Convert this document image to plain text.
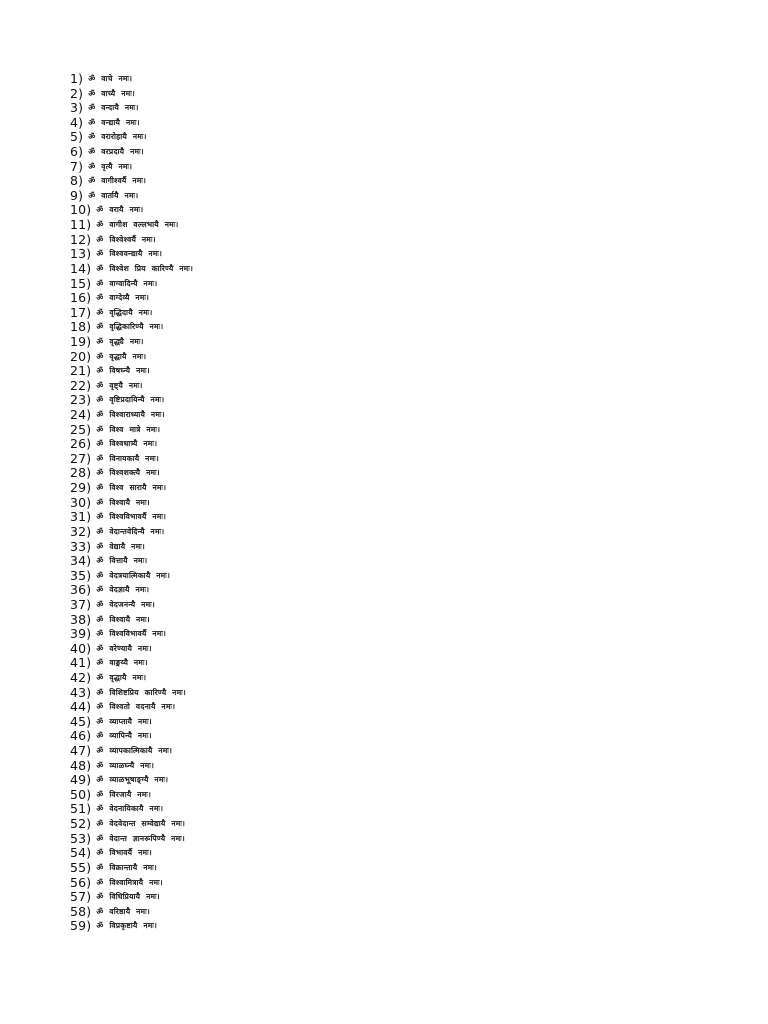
1) ॐ वाचे नमः।
2) ॐ वाच्यै नमः।
3) ॐ वन्दायै नमः।
4) ॐ वन्द्यायै नमः।
5) ॐ वरारोहायै नमः।
6) ॐ वरप्रदायै नमः।
7) ॐ वृत्यै नमः।
8) ॐ वागीश्वर्यै नमः।
9) ॐ वार्तायै नमः।
10) ॐ वरायै नमः।
11) ॐ वागीश वल्लभायै नमः।
12) ॐ विश्वेश्वर्यै नमः।
13) ॐ विश्ववन्द्यायै नमः।
14) ॐ विश्वेश प्रिय कारिण्यै नमः।
15) ॐ वाग्वादिन्यै नमः।
16) ॐ वाग्देव्यै नमः।
17) ॐ वृद्धिदायै नमः।
18) ॐ वृद्धिकारिण्यै नमः।
19) ॐ वृद्ध्यै नमः।
20) ॐ वृद्धायै नमः।
21) ॐ विषघ्न्यै नमः।
22) ॐ वृष्ट्यै नमः।
23) ॐ वृष्टिप्रदायिन्यै नमः।
24) ॐ विश्वाराध्यायै नमः।
25) ॐ विश्व मात्रे नमः।
26) ॐ विश्वधात्र्यै नमः।
27) ॐ विनायकायै नमः।
28) ॐ विश्वशक्त्यै नमः।
29) ॐ विश्व सारायै नमः।
30) ॐ विश्वायै नमः।
31) ॐ विश्वविभावर्यै नमः।
32) ॐ वेदान्तवेदिन्यै नमः।
33) ॐ वेद्यायै नमः।
34) ॐ वित्तायै नमः।
35) ॐ वेदत्रयात्मिकायै नमः।
36) ॐ वेदज्ञायै नमः।
37) ॐ वेदजनन्यै नमः।
38) ॐ विश्वायै नमः।
39) ॐ विश्वविभावर्यै नमः।
40) ॐ वरेण्यायै नमः।
41) ॐ वाङ्मय्यै नमः।
42) ॐ वृद्धायै नमः।
43) ॐ विशिष्टप्रिय कारिण्यै नमः।
44) ॐ विश्वतो वदनायै नमः।
45) ॐ व्याप्तायै नमः।
46) ॐ व्यापिन्यै नमः।
47) ॐ व्यापकात्मिकायै नमः।
48) ॐ व्याळघ्न्यै नमः।
49) ॐ व्याळभूषाङ्ग्यै नमः।
50) ॐ विरजायै नमः।
51) ॐ वेदनायिकायै नमः।
52) ॐ वेदवेदान्त सम्वेद्यायै नमः।
53) ॐ वेदान्त ज्ञानरूपिण्यै नमः।
54) ॐ विभावर्यै नमः।
55) ॐ विक्रान्तायै नमः।
56) ॐ विश्वामित्रायै नमः।
57) ॐ विधिप्रियायै नमः।
58) ॐ वरिष्ठायै नमः।
59) ॐ विप्रकृष्टायै नमः।
